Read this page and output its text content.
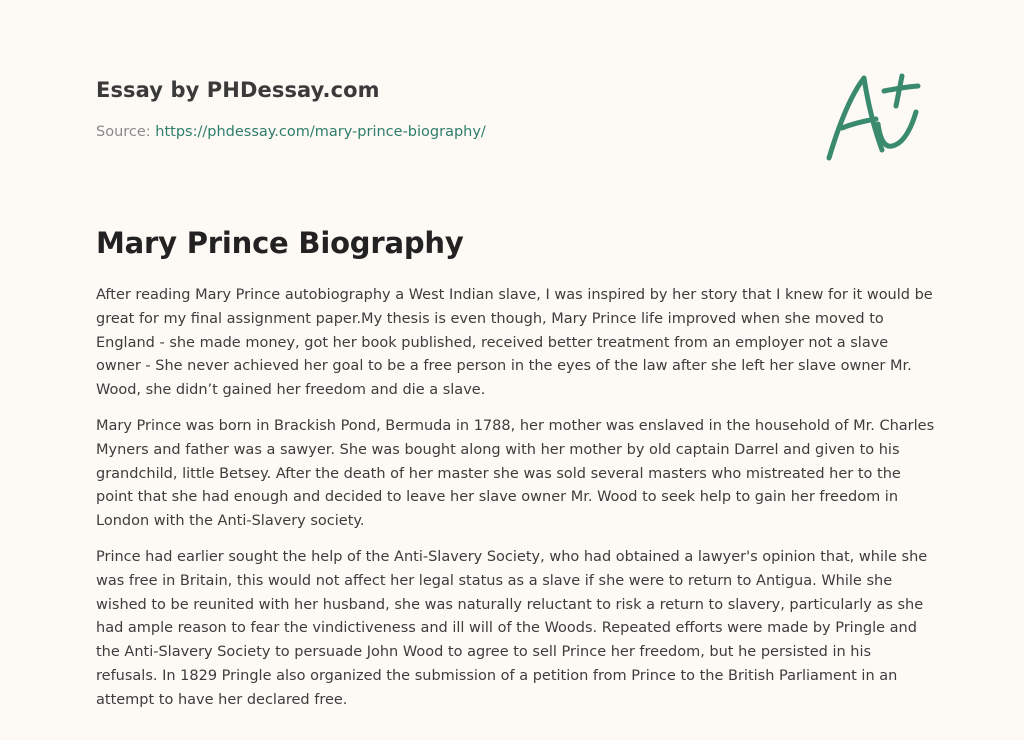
Essay by PHDessay.com
Source: https://phdessay.com/mary-prince-biography/
Mary Prince Biography

After reading Mary Prince autobiography a West Indian slave, I was inspired by her story that I knew for it would be great for my final assignment paper.My thesis is even though, Mary Prince life improved when she moved to England - she made money, got her book published, received better treatment from an employer not a slave owner - She never achieved her goal to be a free person in the eyes of the law after she left her slave owner Mr. Wood, she didn’t gained her freedom and die a slave.

Mary Prince was born in Brackish Pond, Bermuda in 1788, her mother was enslaved in the household of Mr. Charles Myners and father was a sawyer. She was bought along with her mother by old captain Darrel and given to his grandchild, little Betsey. After the death of her master she was sold several masters who mistreated her to the point that she had enough and decided to leave her slave owner Mr. Wood to seek help to gain her freedom in London with the Anti-Slavery society.

Prince had earlier sought the help of the Anti-Slavery Society, who had obtained a lawyer's opinion that, while she was free in Britain, this would not affect her legal status as a slave if she were to return to Antigua. While she wished to be reunited with her husband, she was naturally reluctant to risk a return to slavery, particularly as she had ample reason to fear the vindictiveness and ill will of the Woods. Repeated efforts were made by Pringle and the Anti-Slavery Society to persuade John Wood to agree to sell Prince her freedom, but he persisted in his refusals. In 1829 Pringle also organized the submission of a petition from Prince to the British Parliament in an attempt to have her declared free.
